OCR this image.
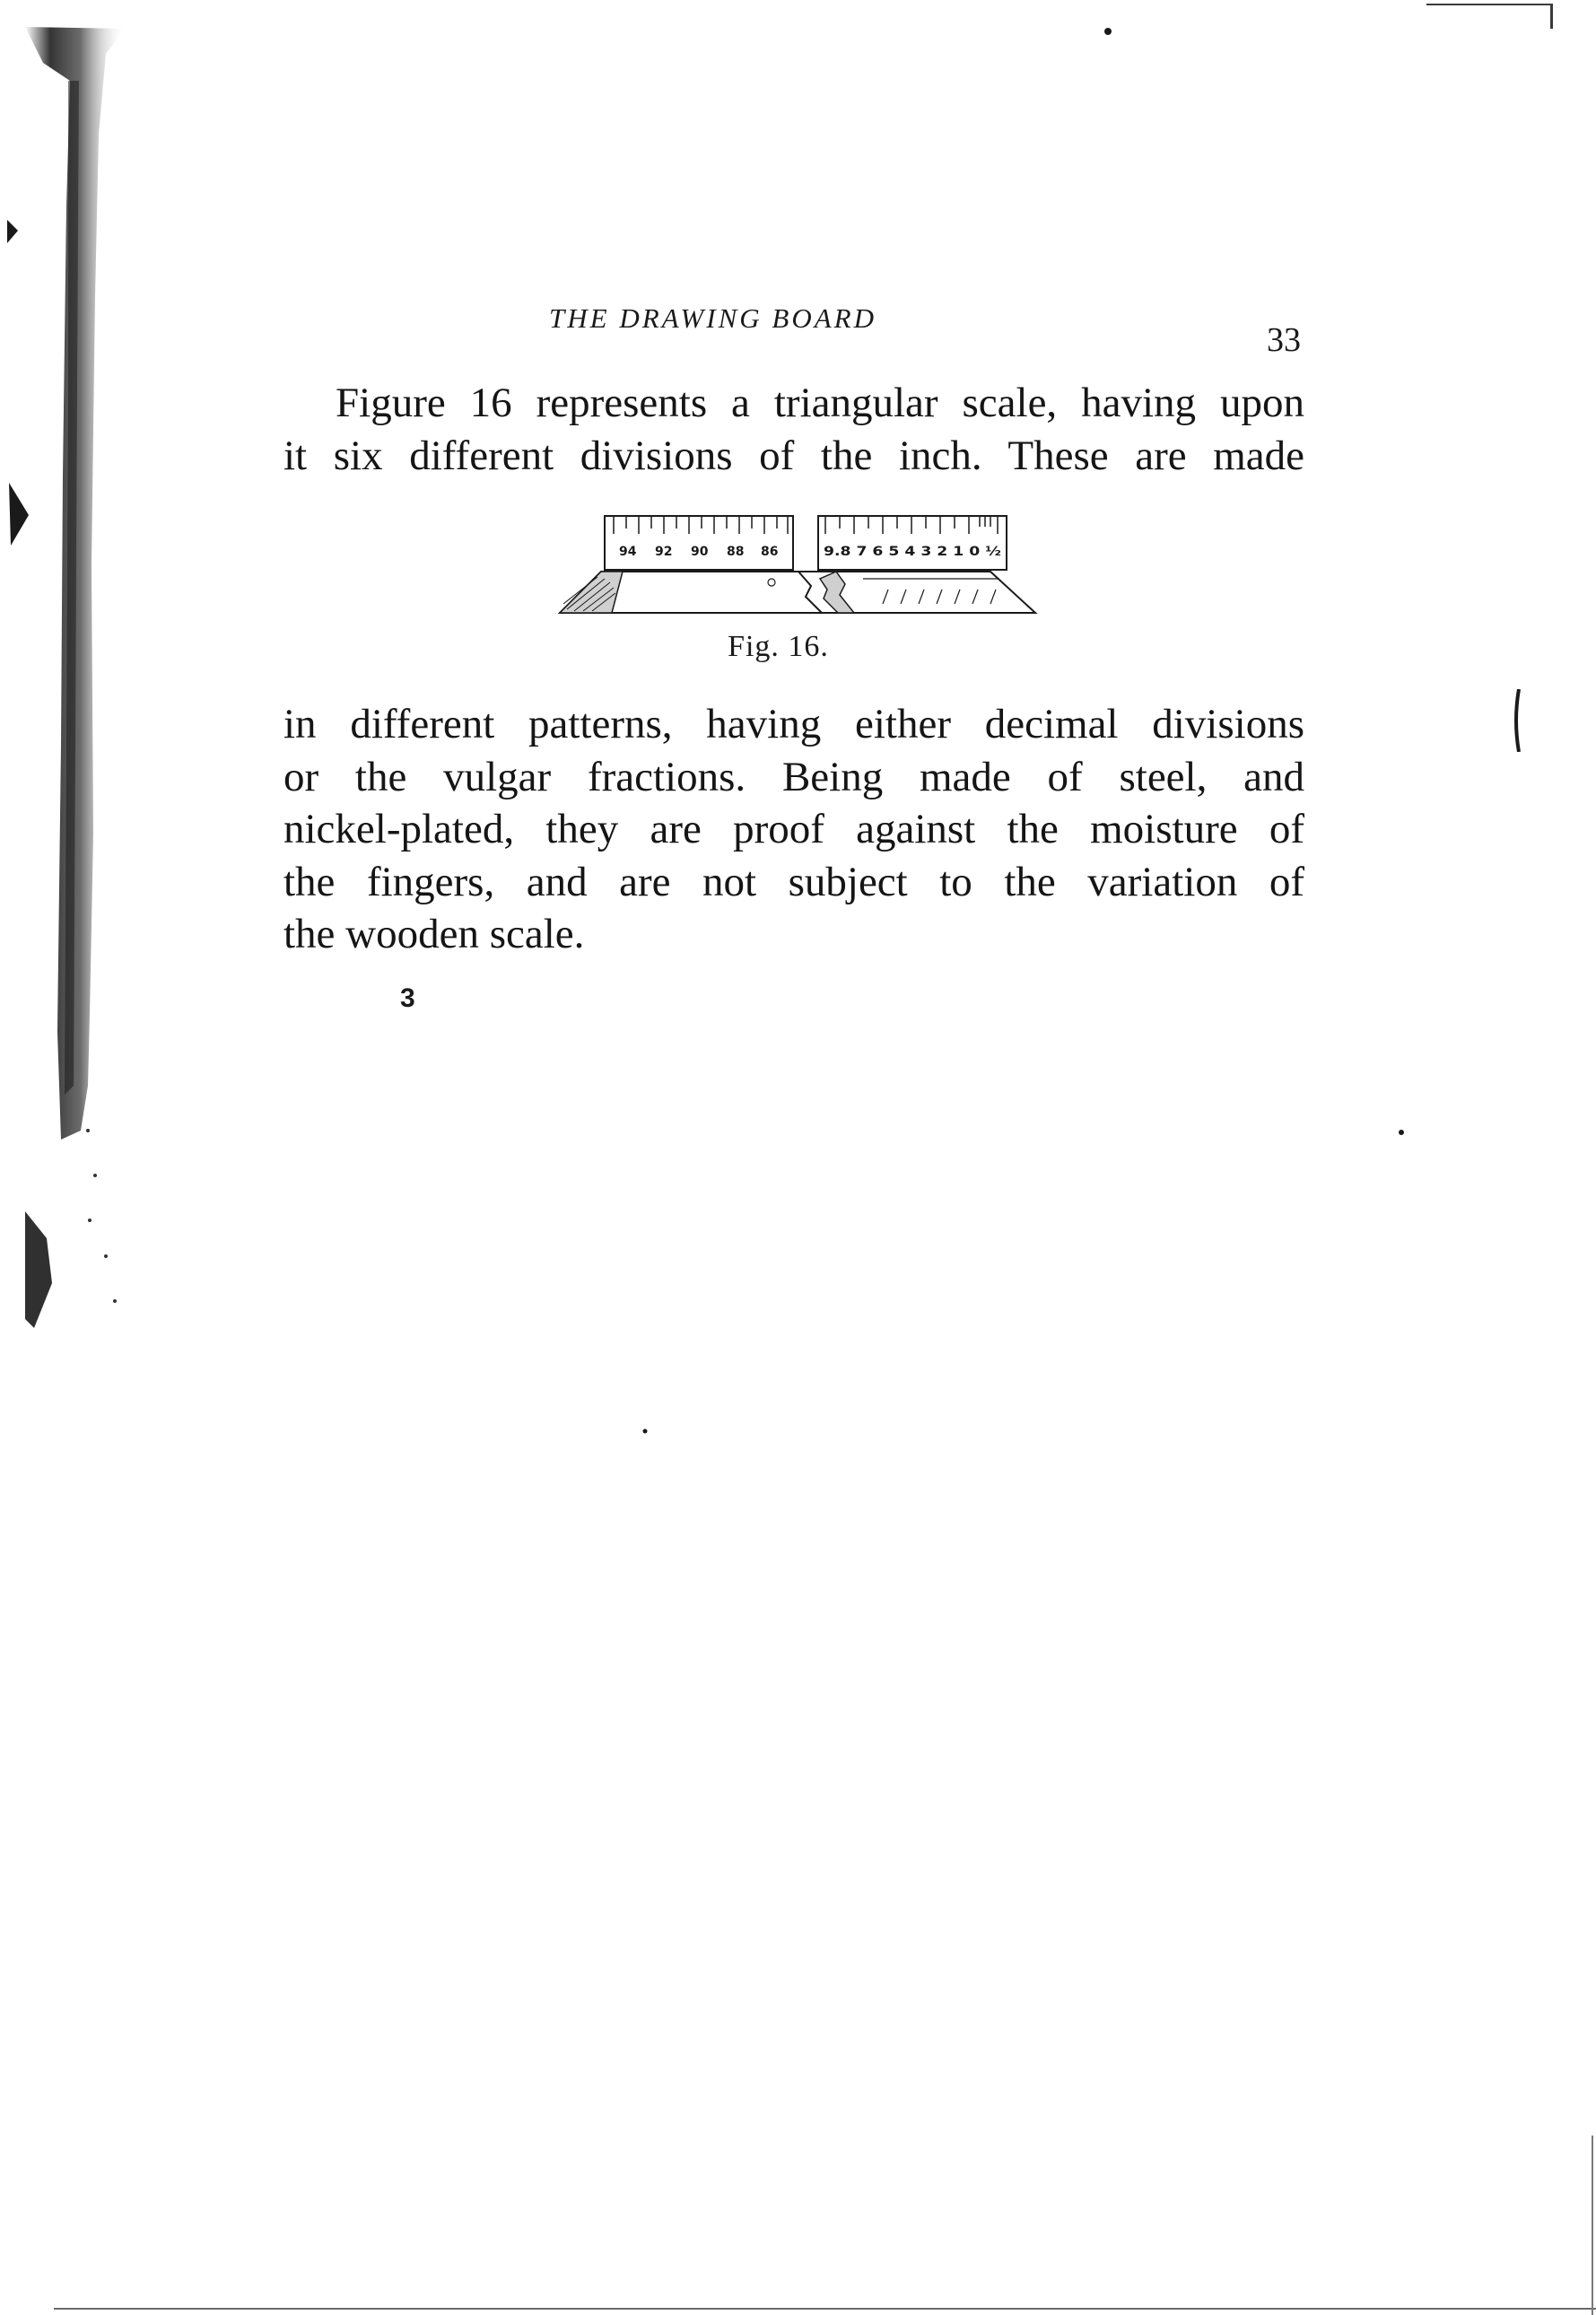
THE DRAWING BOARD
33
Figure 16 represents a triangular scale, having upon
it six different divisions of the inch. These are made
94 92 90 88 86	9.8 7 6 5 4 3 2 1 0 ½
Fig. 16.
in different patterns, having either decimal divisions
or the vulgar fractions. Being made of steel, and
nickel-plated, they are proof against the moisture of
the fingers, and are not subject to the variation of
the wooden scale.
3
